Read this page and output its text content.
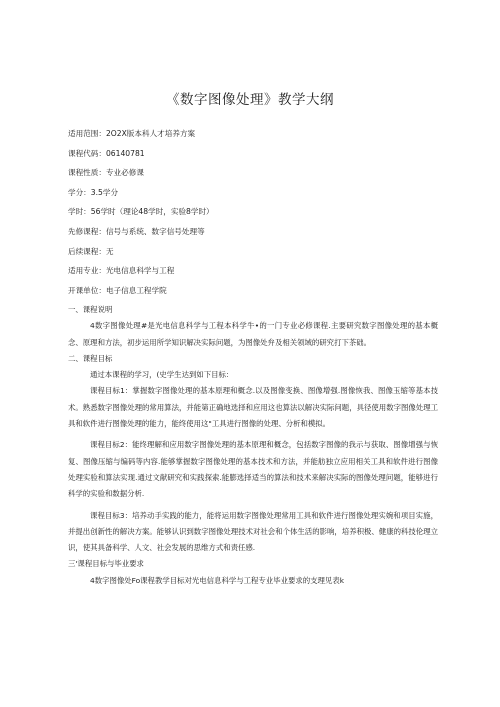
《数字图像处理》教学大纲
适用范围：2O2X版本科人才培养方案
课程代码：06140781
课程性质：专业必修课
学分：3.5学分
学时：56学时（理论48学时，实验8学时）
先修课程：信号与系统、数字信号处理等
后续课程：无
适用专业：光电信息科学与工程
开课单位：电子信息工程学院
一、课程说明

4数字图像处理#是光电信息科学与工程本科学牛•的一门专业必修课程.主要研究数字图像处理的基本概念、原理和方法，初步运用所学知识解决实际问题，为图像处弁及相关领域的研究打下茶础。

二、课程目标

通过本课程的学习，(史学生达到如下目标：

课程目标1：掌握数字图像处理的基本原理和概念.以及图像变换、图像增强.图像恢我、图像玉缩等基本技术。熟悉数字图像处理的常用算法，并能第正确地选择和应用这也算法以解决实际问题，具径使用数字图像处理工具和软件进行图像处理的能力，能终使用这"工具进行图像的处理、分析和模拟。

课程目标2：能终理解和应用数字图像处理的基本原理和概念，包括数字图像的我示与获取、图像增强与恢复、图像压缩与编码等内容.能够掌握数字图像处理的基本技术和方法，并能舫独立应用相关工具和软件进行图像处理实验和算法实现.通过文献研究和实践探索.能膨选择适当的算法和技术来解决实际的图像处理问题，能够进行科学的实验和数据分析.

课程目标3：培养动手实践的能力，能将运用数字图像处理常用工具和软件进行图像处理实婉和项目实施，并提出创新性的解决方案。能够认识到数字图像处理技术对社会和个体生活的影响，培养积极、健康的科技伦理立识，使其具备科学、人文、社会发展的思维方式和责任感.

三'课程目标与毕业要求

4数字图像处Fo课程教学目标对光电信息科学与工程专业毕业要求的支理见表k
